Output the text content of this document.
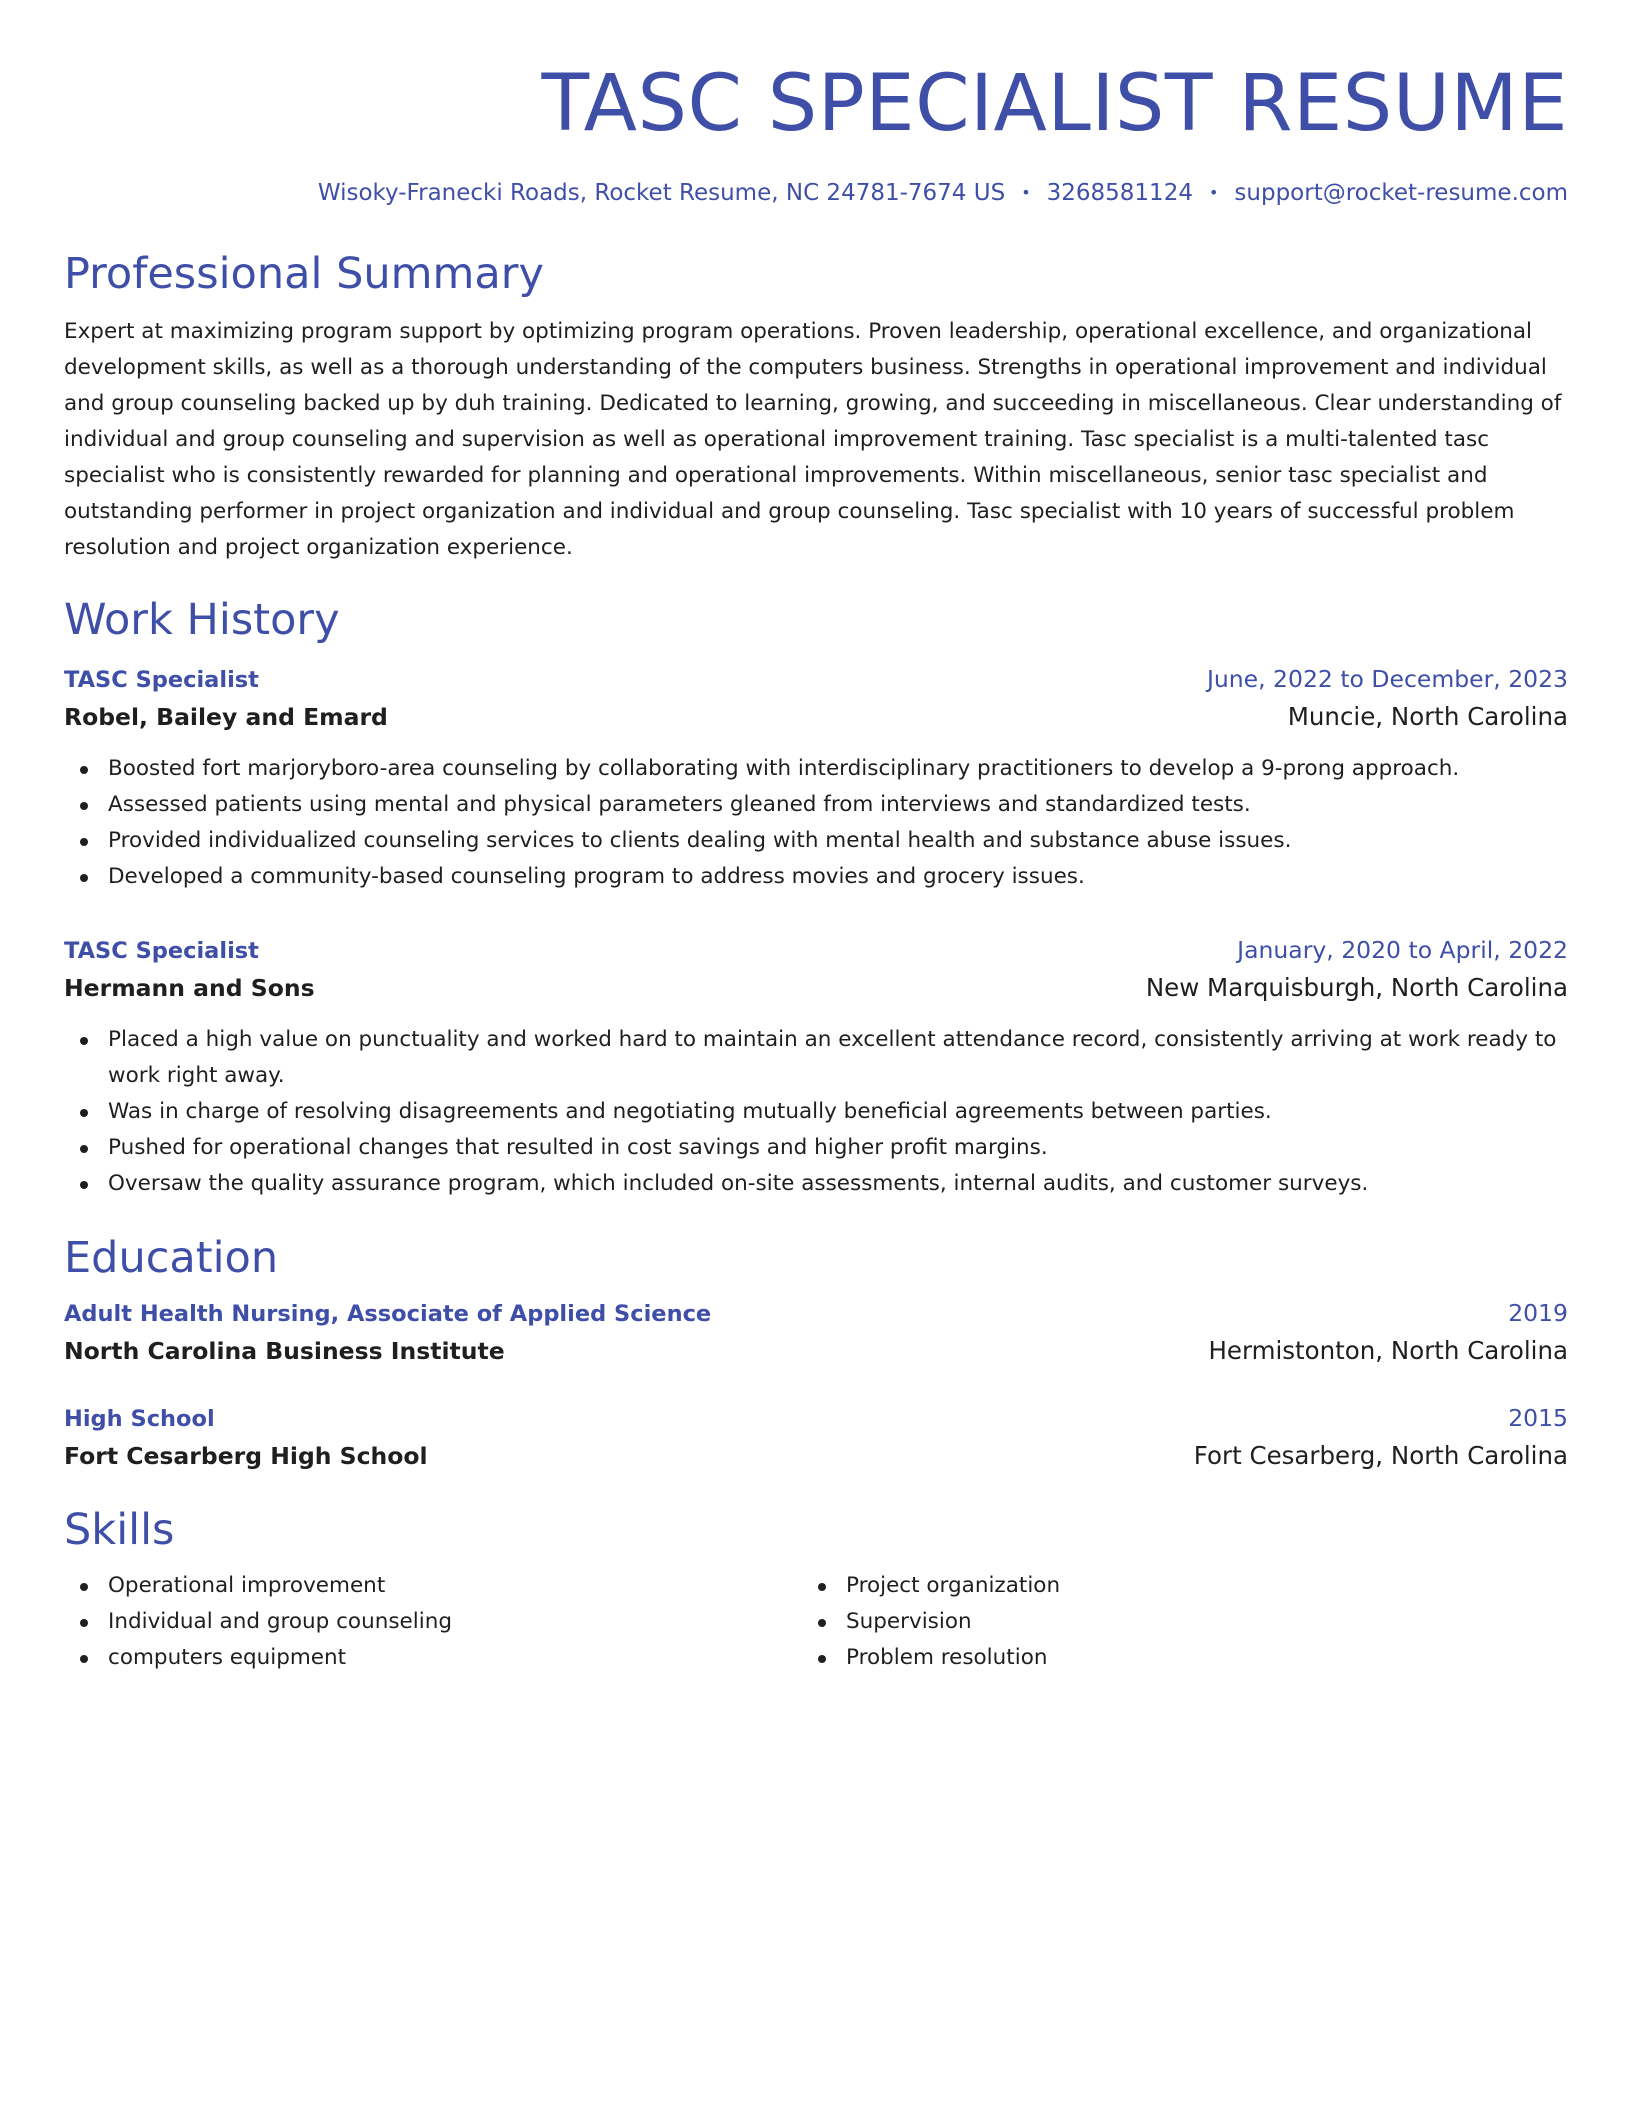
TASC SPECIALIST RESUME
Wisoky-Franecki Roads, Rocket Resume, NC 24781-7674 US • 3268581124 • support@rocket-resume.com
Professional Summary

Expert at maximizing program support by optimizing program operations. Proven leadership, operational excellence, and organizational development skills, as well as a thorough understanding of the computers business. Strengths in operational improvement and individual and group counseling backed up by duh training. Dedicated to learning, growing, and succeeding in miscellaneous. Clear understanding of individual and group counseling and supervision as well as operational improvement training. Tasc specialist is a multi-talented tasc specialist who is consistently rewarded for planning and operational improvements. Within miscellaneous, senior tasc specialist and outstanding performer in project organization and individual and group counseling. Tasc specialist with 10 years of successful problem resolution and project organization experience.

Work History
TASC Specialist	June, 2022 to December, 2023
Robel, Bailey and Emard	Muncie, North Carolina
Boosted fort marjoryboro-area counseling by collaborating with interdisciplinary practitioners to develop a 9-prong approach.
Assessed patients using mental and physical parameters gleaned from interviews and standardized tests.
Provided individualized counseling services to clients dealing with mental health and substance abuse issues.
Developed a community-based counseling program to address movies and grocery issues.
TASC Specialist	January, 2020 to April, 2022
Hermann and Sons	New Marquisburgh, North Carolina
Placed a high value on punctuality and worked hard to maintain an excellent attendance record, consistently arriving at work ready to work right away.
Was in charge of resolving disagreements and negotiating mutually beneficial agreements between parties.
Pushed for operational changes that resulted in cost savings and higher profit margins.
Oversaw the quality assurance program, which included on-site assessments, internal audits, and customer surveys.
Education
Adult Health Nursing, Associate of Applied Science	2019
North Carolina Business Institute	Hermistonton, North Carolina
High School	2015
Fort Cesarberg High School	Fort Cesarberg, North Carolina
Skills
Operational improvement
Individual and group counseling
computers equipment
Project organization
Supervision
Problem resolution
